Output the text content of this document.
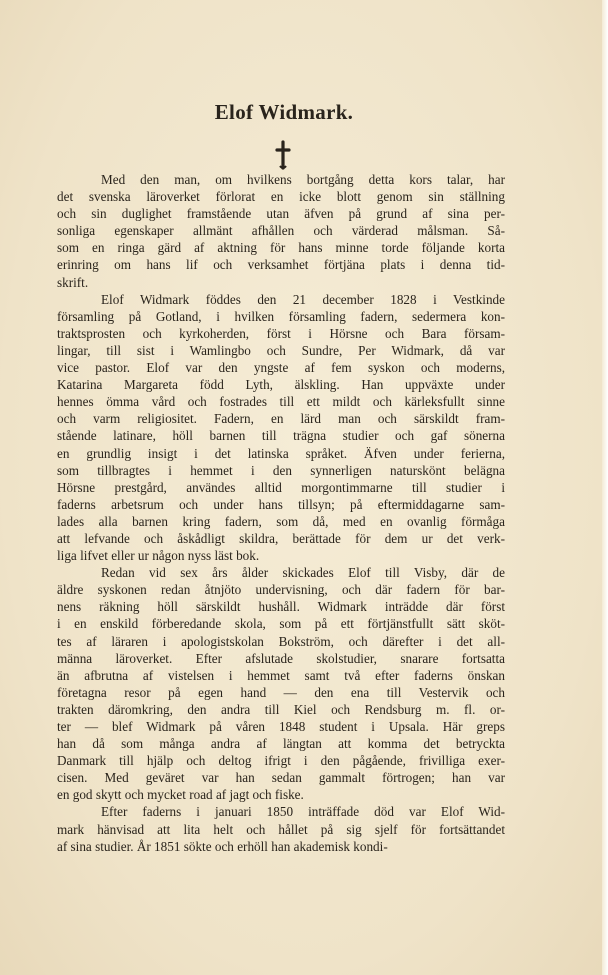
Elof Widmark.
Med den man, om hvilkens bortgång detta kors talar, har
det svenska läroverket förlorat en icke blott genom sin ställning
och sin duglighet framstående utan äfven på grund af sina per-
sonliga egenskaper allmänt afhållen och värderad målsman. Så-
som en ringa gärd af aktning för hans minne torde följande korta
erinring om hans lif och verksamhet förtjäna plats i denna tid-
skrift.
Elof Widmark föddes den 21 december 1828 i Vestkinde
församling på Gotland, i hvilken församling fadern, sedermera kon-
traktsprosten och kyrkoherden, först i Hörsne och Bara försam-
lingar, till sist i Wamlingbo och Sundre, Per Widmark, då var
vice pastor. Elof var den yngste af fem syskon och moderns,
Katarina Margareta född Lyth, älskling. Han uppväxte under
hennes ömma vård och fostrades till ett mildt och kärleksfullt sinne
och varm religiositet. Fadern, en lärd man och särskildt fram-
stående latinare, höll barnen till trägna studier och gaf sönerna
en grundlig insigt i det latinska språket. Äfven under ferierna,
som tillbragtes i hemmet i den synnerligen naturskönt belägna
Hörsne prestgård, användes alltid morgontimmarne till studier i
faderns arbetsrum och under hans tillsyn; på eftermiddagarne sam-
lades alla barnen kring fadern, som då, med en ovanlig förmåga
att lefvande och åskådligt skildra, berättade för dem ur det verk-
liga lifvet eller ur någon nyss läst bok.
Redan vid sex års ålder skickades Elof till Visby, där de
äldre syskonen redan åtnjöto undervisning, och där fadern för bar-
nens räkning höll särskildt hushåll. Widmark inträdde där först
i en enskild förberedande skola, som på ett förtjänstfullt sätt sköt-
tes af läraren i apologistskolan Bokström, och därefter i det all-
männa läroverket. Efter afslutade skolstudier, snarare fortsatta
än afbrutna af vistelsen i hemmet samt två efter faderns önskan
företagna resor på egen hand — den ena till Vestervik och
trakten däromkring, den andra till Kiel och Rendsburg m. fl. or-
ter — blef Widmark på våren 1848 student i Upsala. Här greps
han då som många andra af längtan att komma det betryckta
Danmark till hjälp och deltog ifrigt i den pågående, frivilliga exer-
cisen. Med geväret var han sedan gammalt förtrogen; han var
en god skytt och mycket road af jagt och fiske.
Efter faderns i januari 1850 inträffade död var Elof Wid-
mark hänvisad att lita helt och hållet på sig sjelf för fortsättandet
af sina studier. År 1851 sökte och erhöll han akademisk kondi-
